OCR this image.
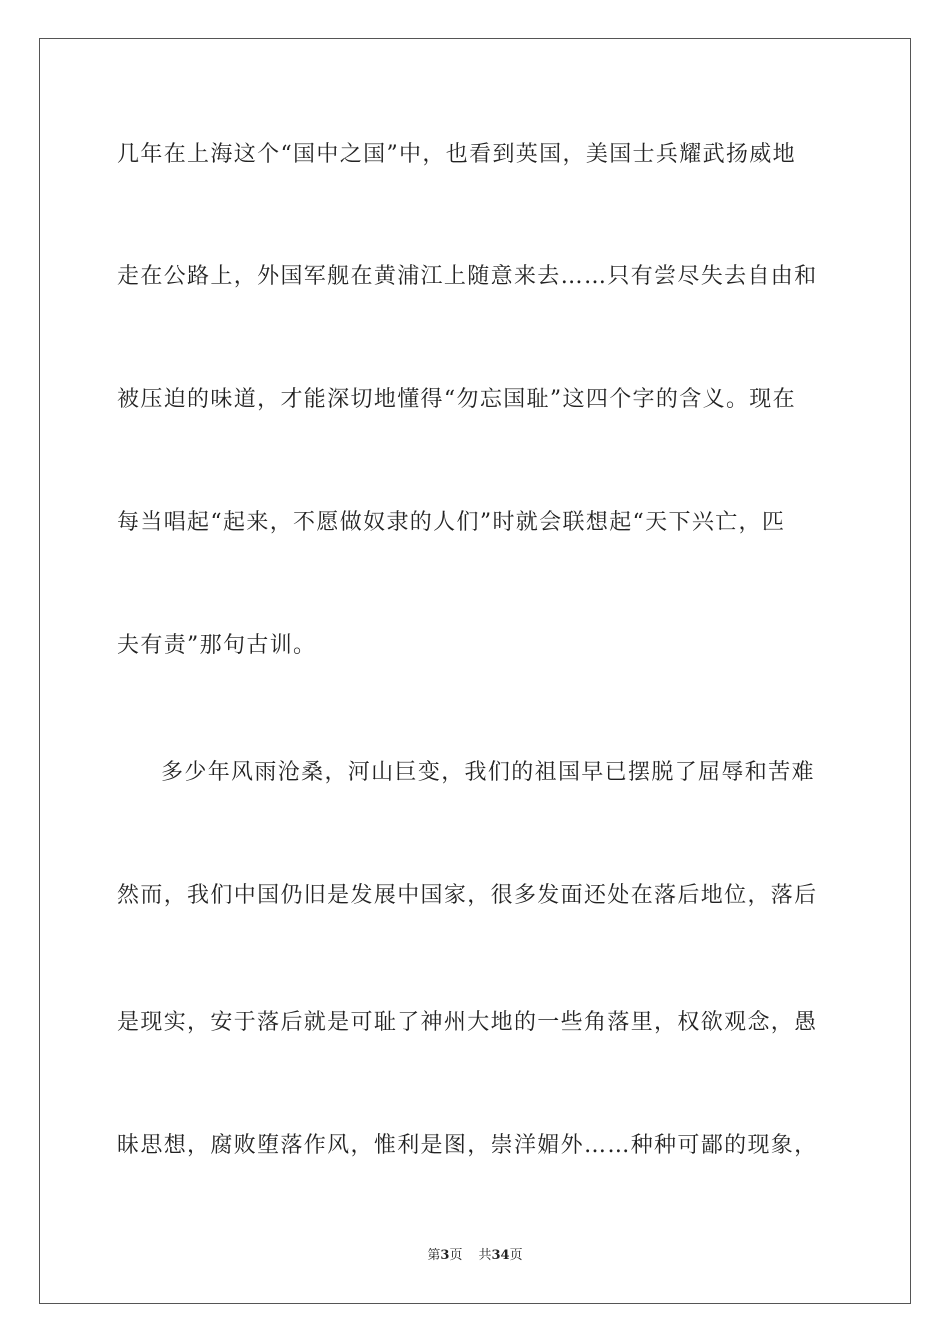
几年在上海这个“国中之国”中，也看到英国，美国士兵耀武扬威地
走在公路上，外国军舰在黄浦江上随意来去……只有尝尽失去自由和
被压迫的味道，才能深切地懂得“勿忘国耻”这四个字的含义。现在
每当唱起“起来，不愿做奴隶的人们”时就会联想起“天下兴亡，匹
夫有责”那句古训。
多少年风雨沧桑，河山巨变，我们的祖国早已摆脱了屈辱和苦难
然而，我们中国仍旧是发展中国家，很多发面还处在落后地位，落后
是现实，安于落后就是可耻了神州大地的一些角落里，权欲观念，愚
昧思想，腐败堕落作风，惟利是图，崇洋媚外……种种可鄙的现象，
第3页 共34页
